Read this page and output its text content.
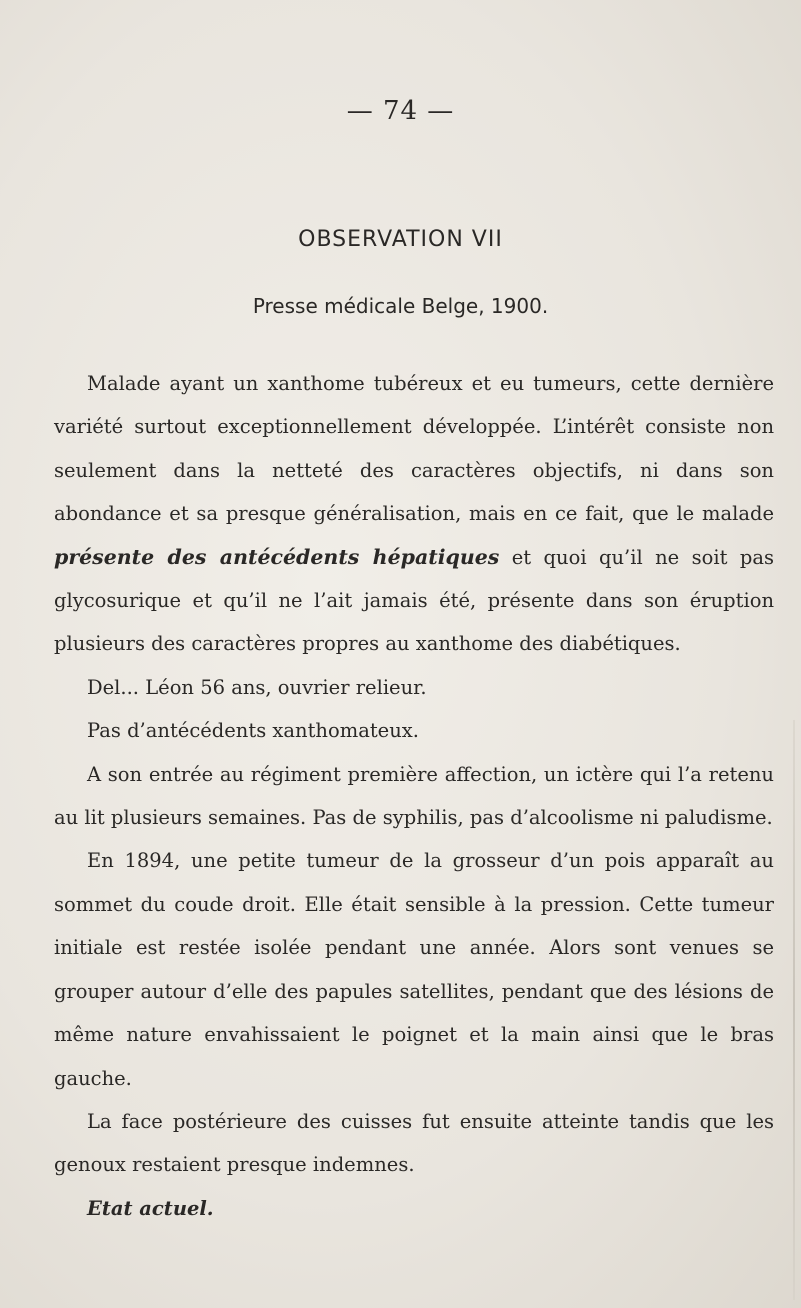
— 74 —
OBSERVATION VII
Presse médicale Belge, 1900.

Malade ayant un xanthome tubéreux et eu tumeurs, cette dernière variété surtout exceptionnellement développée. L’intérêt consiste non seulement dans la netteté des caractères objectifs, ni dans son abondance et sa presque généralisation, mais en ce fait, que le malade présente des antécédents hépatiques et quoi qu’il ne soit pas glycosurique et qu’il ne l’ait jamais été, présente dans son éruption plusieurs des caractères propres au xanthome des diabétiques.

Del... Léon 56 ans, ouvrier relieur.

Pas d’antécédents xanthomateux.

A son entrée au régiment première affection, un ictère qui l’a retenu au lit plusieurs semaines. Pas de syphilis, pas d’alcoolisme ni paludisme.

En 1894, une petite tumeur de la grosseur d’un pois apparaît au sommet du coude droit. Elle était sensible à la pression. Cette tumeur initiale est restée isolée pendant une année. Alors sont venues se grouper autour d’elle des papules satellites, pendant que des lésions de même nature envahissaient le poignet et la main ainsi que le bras gauche.

La face postérieure des cuisses fut ensuite atteinte tandis que les genoux restaient presque indemnes.

Etat actuel.
